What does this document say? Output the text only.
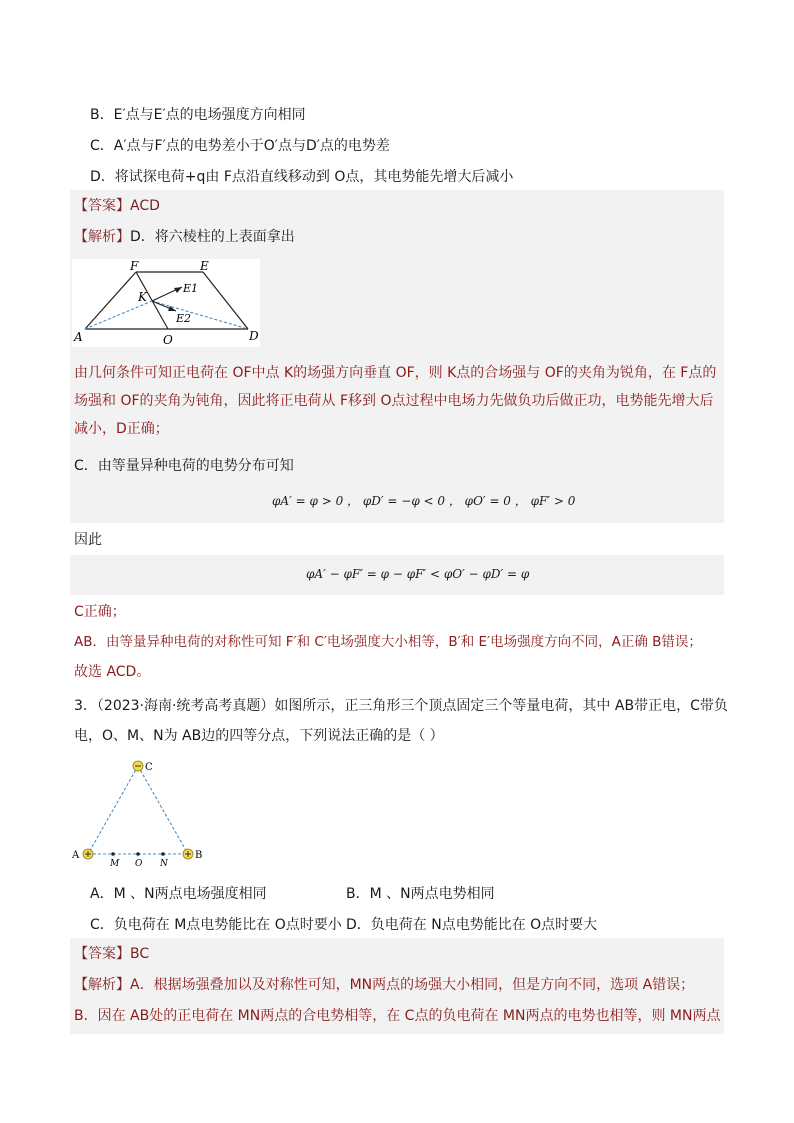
B．E′点与E′点的电场强度方向相同
C．A′点与F′点的电势差小于O′点与D′点的电势差
D．将试探电荷+q由 F点沿直线移动到 O点，其电势能先增大后减小
【答案】ACD
【解析】D．将六棱柱的上表面拿出
F	E
K
E1
E2
A	O	D
由几何条件可知正电荷在 OF中点 K的场强方向垂直 OF，则 K点的合场强与 OF的夹角为锐角，在 F点的
场强和 OF的夹角为钝角，因此将正电荷从 F移到 O点过程中电场力先做负功后做正功，电势能先增大后
减小，D正确；
C．由等量异种电荷的电势分布可知
φA′ = φ > 0 ， φD′ = −φ < 0 ， φO′ = 0 ， φF′ > 0
因此
φA′ − φF′ = φ − φF′ < φO′ − φD′ = φ
C正确；
AB．由等量异种电荷的对称性可知 F′和 C′电场强度大小相等，B′和 E′电场强度方向不同，A正确 B错误；
故选 ACD。
3．（2023·海南·统考高考真题）如图所示，正三角形三个顶点固定三个等量电荷，其中 AB带正电，C带负
电，O、M、N为 AB边的四等分点，下列说法正确的是（ ）
C
A	B
M O N
A．M 、N两点电场强度相同	B．M 、N两点电势相同
C．负电荷在 M点电势能比在 O点时要小 D．负电荷在 N点电势能比在 O点时要大
【答案】BC
【解析】A．根据场强叠加以及对称性可知，MN两点的场强大小相同，但是方向不同，选项 A错误；
B．因在 AB处的正电荷在 MN两点的合电势相等，在 C点的负电荷在 MN两点的电势也相等，则 MN两点
